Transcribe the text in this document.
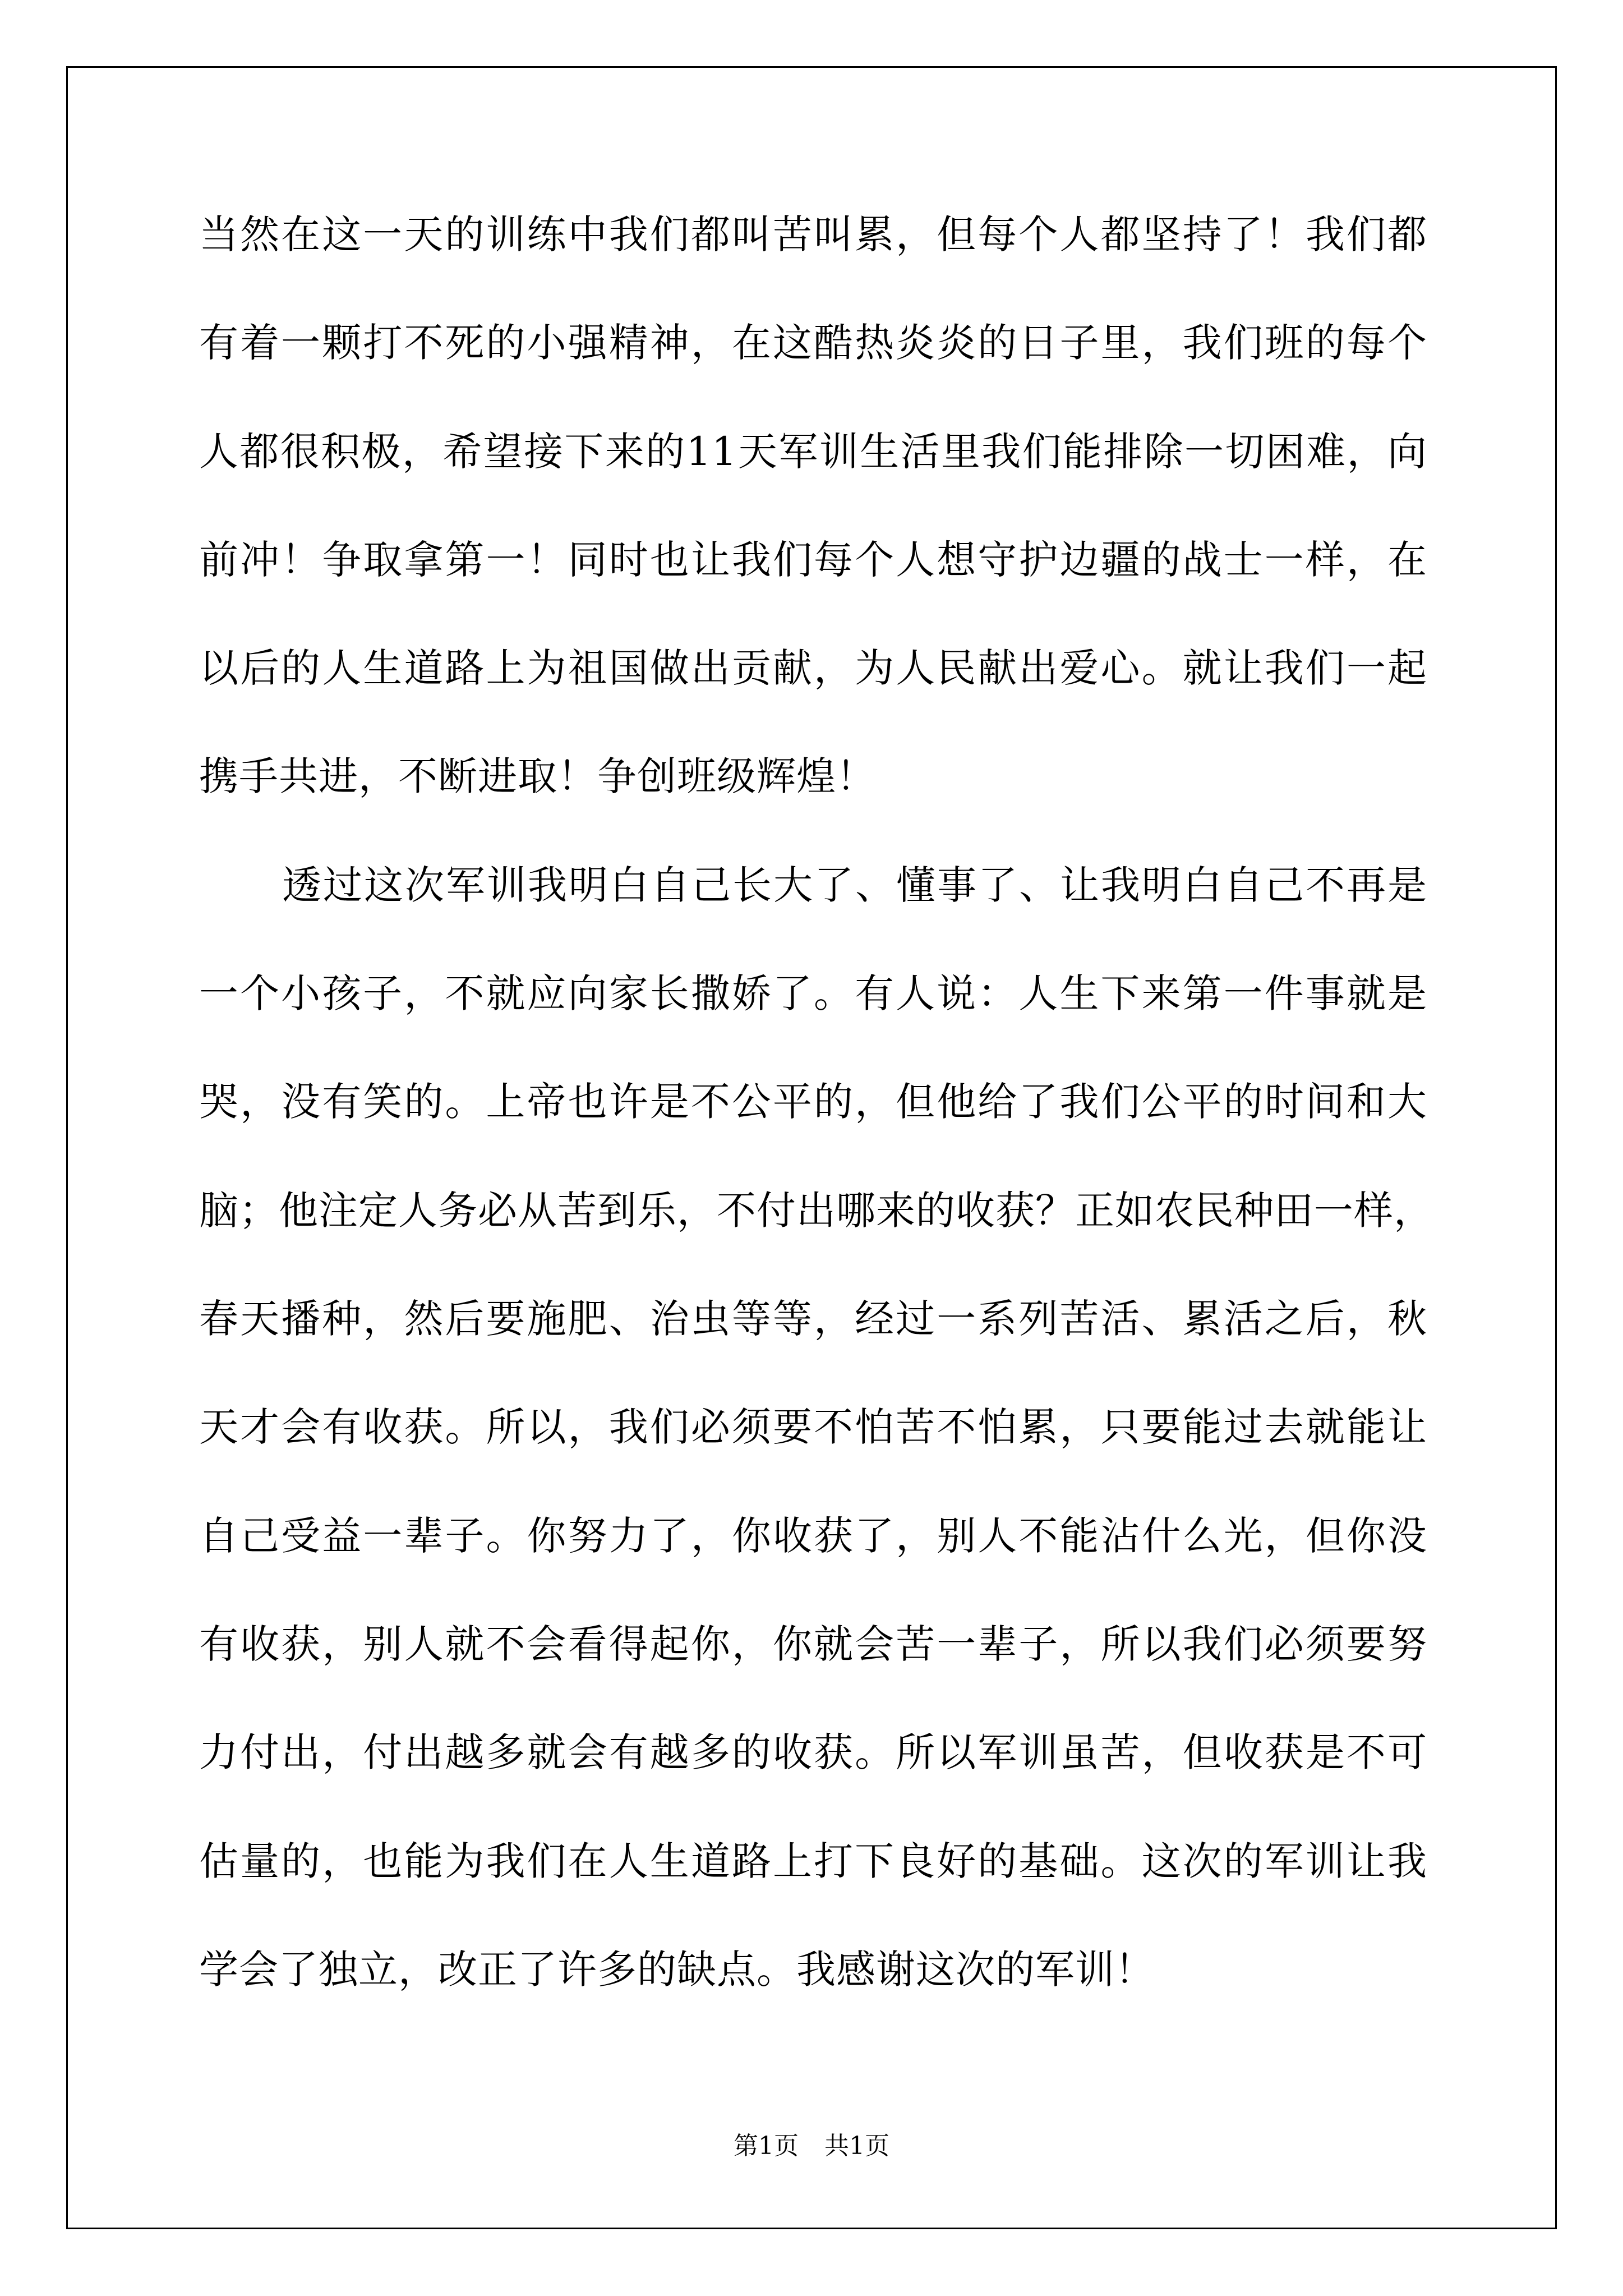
当然在这一天的训练中我们都叫苦叫累，但每个人都坚持了！我们都
有着一颗打不死的小强精神，在这酷热炎炎的日子里，我们班的每个
人都很积极，希望接下来的11天军训生活里我们能排除一切困难，向
前冲！争取拿第一！同时也让我们每个人想守护边疆的战士一样，在
以后的人生道路上为祖国做出贡献，为人民献出爱心。就让我们一起
携手共进，不断进取！争创班级辉煌！
透过这次军训我明白自己长大了、懂事了、让我明白自己不再是
一个小孩子，不就应向家长撒娇了。有人说：人生下来第一件事就是
哭，没有笑的。上帝也许是不公平的，但他给了我们公平的时间和大
脑；他注定人务必从苦到乐，不付出哪来的收获？正如农民种田一样，
春天播种，然后要施肥、治虫等等，经过一系列苦活、累活之后，秋
天才会有收获。所以，我们必须要不怕苦不怕累，只要能过去就能让
自己受益一辈子。你努力了，你收获了，别人不能沾什么光，但你没
有收获，别人就不会看得起你，你就会苦一辈子，所以我们必须要努
力付出，付出越多就会有越多的收获。所以军训虽苦，但收获是不可
估量的，也能为我们在人生道路上打下良好的基础。这次的军训让我
学会了独立，改正了许多的缺点。我感谢这次的军训！
第1页 共1页
